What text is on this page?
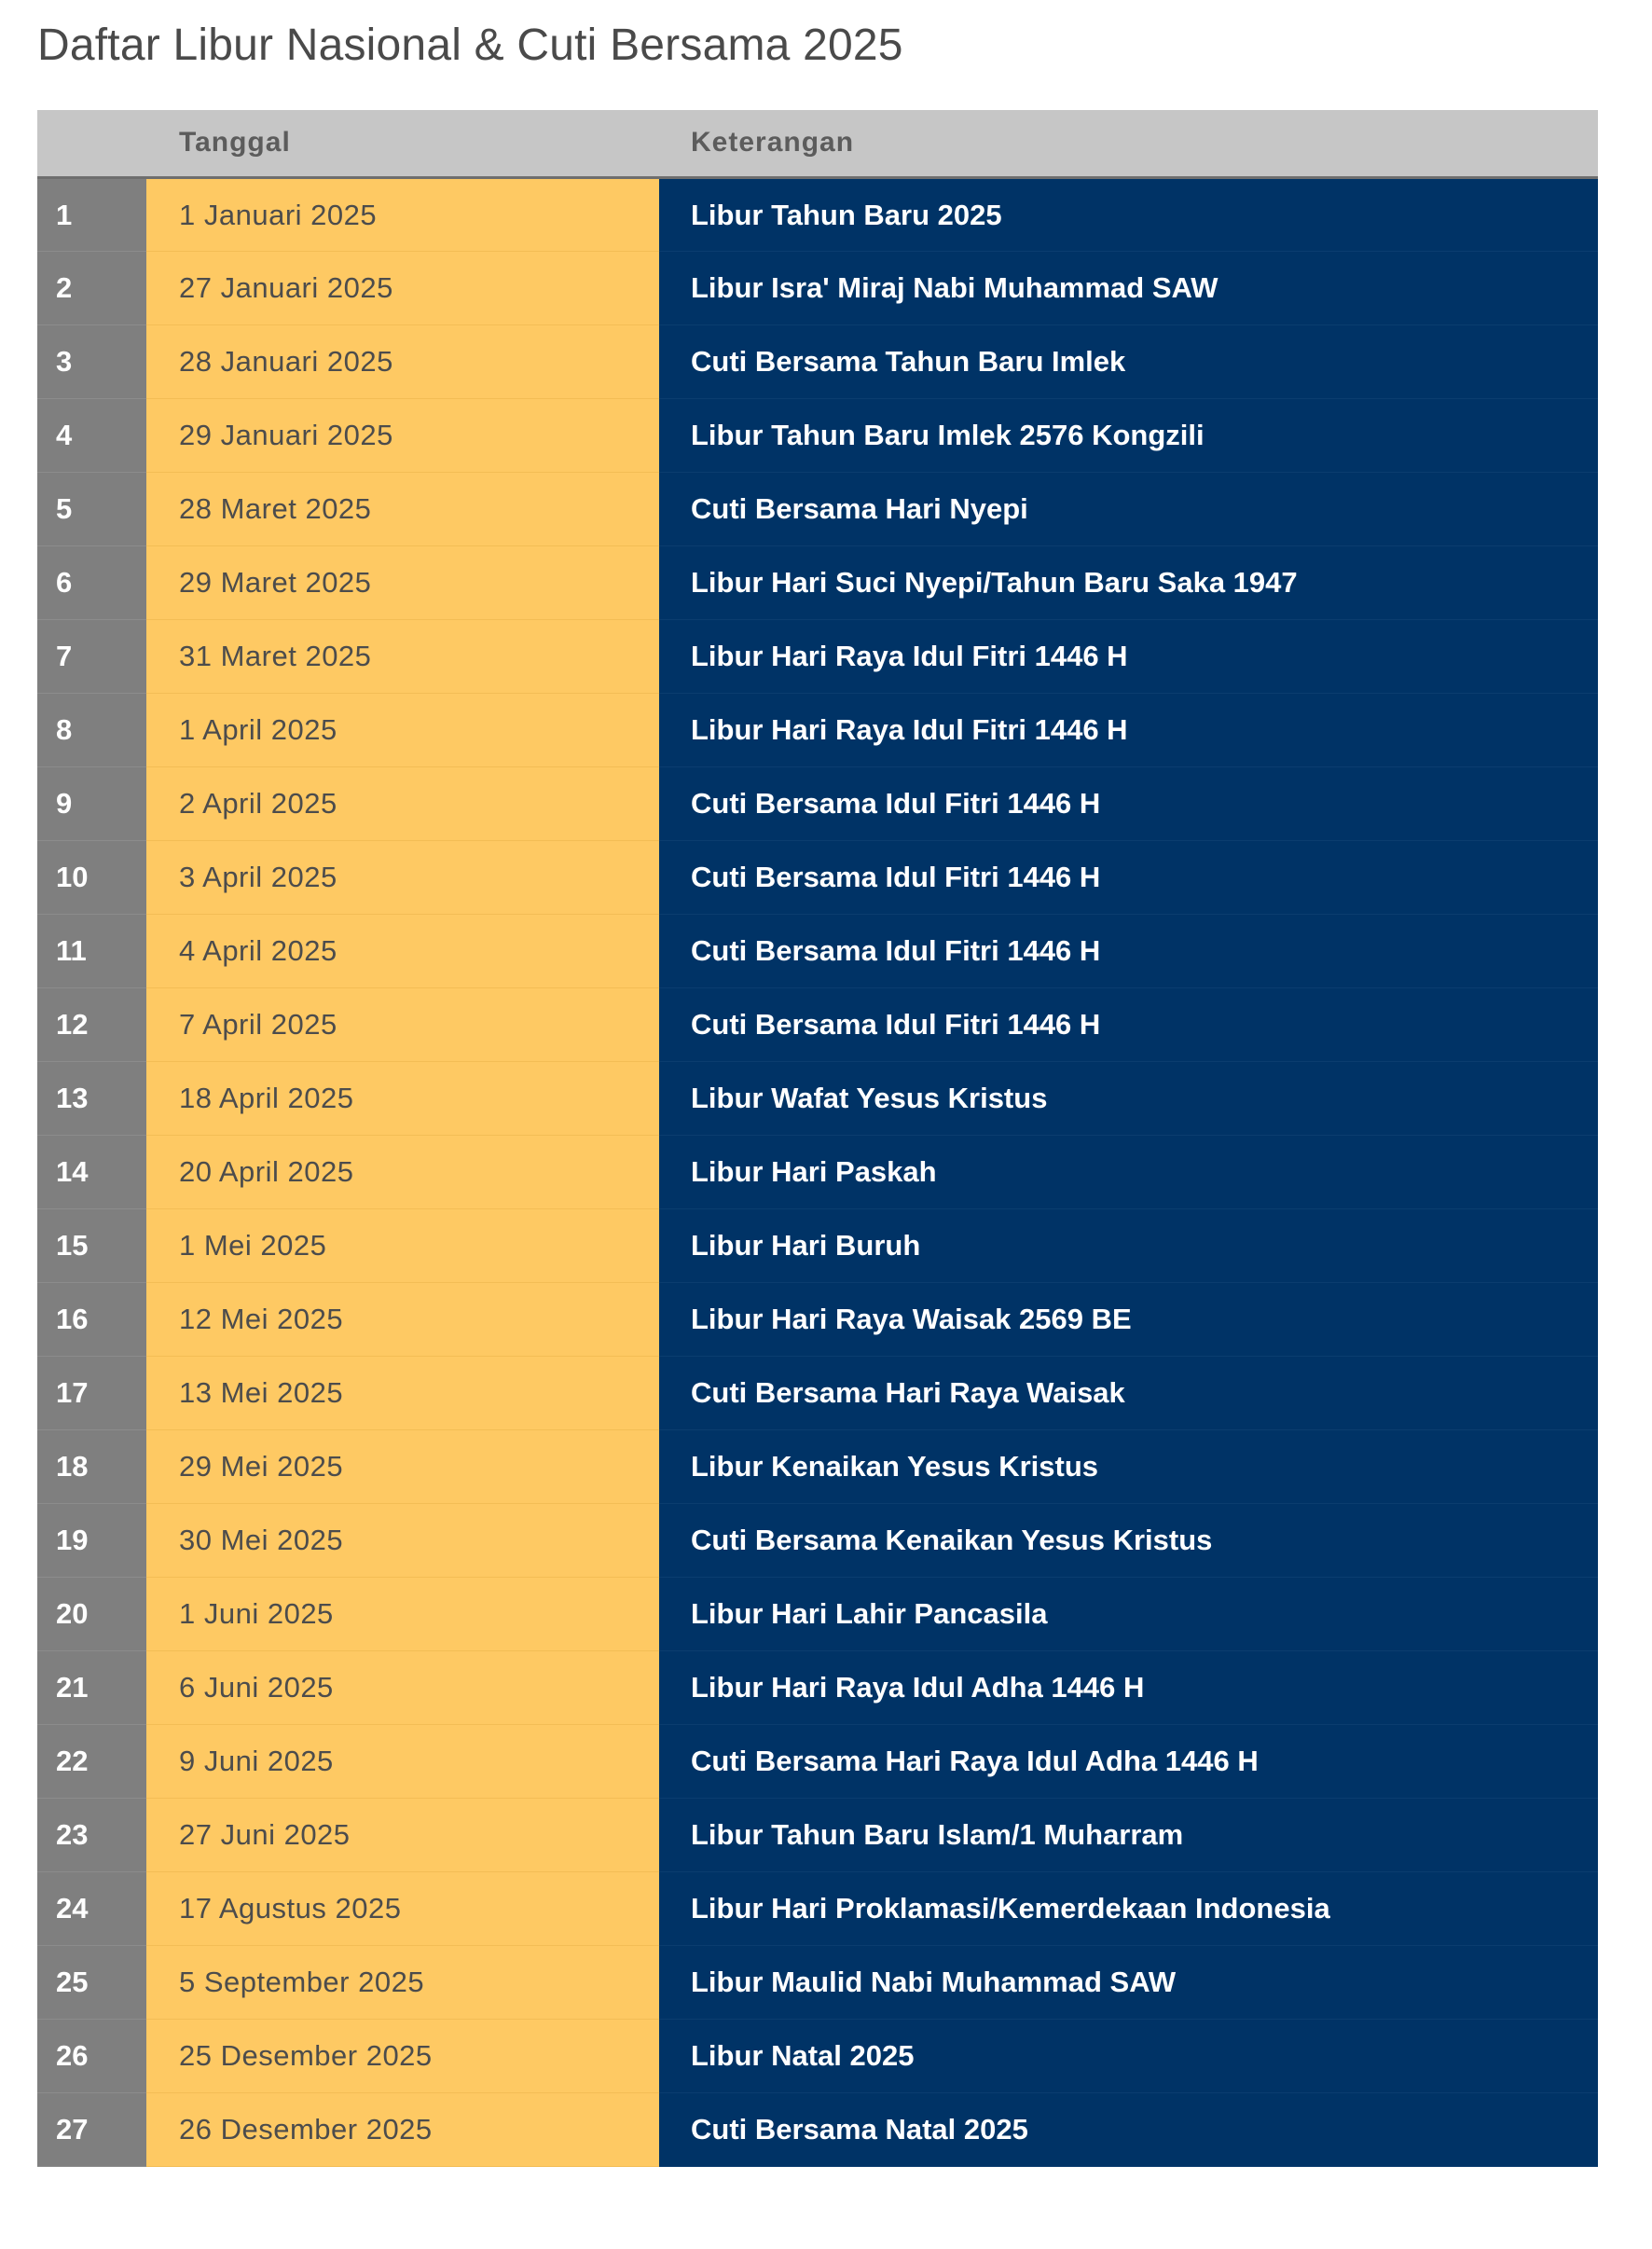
Daftar Libur Nasional & Cuti Bersama 2025
	Tanggal	Keterangan
1	1 Januari 2025	Libur Tahun Baru 2025
2	27 Januari 2025	Libur Isra' Miraj Nabi Muhammad SAW
3	28 Januari 2025	Cuti Bersama Tahun Baru Imlek
4	29 Januari 2025	Libur Tahun Baru Imlek 2576 Kongzili
5	28 Maret 2025	Cuti Bersama Hari Nyepi
6	29 Maret 2025	Libur Hari Suci Nyepi/Tahun Baru Saka 1947
7	31 Maret 2025	Libur Hari Raya Idul Fitri 1446 H
8	1 April 2025	Libur Hari Raya Idul Fitri 1446 H
9	2 April 2025	Cuti Bersama Idul Fitri 1446 H
10	3 April 2025	Cuti Bersama Idul Fitri 1446 H
11	4 April 2025	Cuti Bersama Idul Fitri 1446 H
12	7 April 2025	Cuti Bersama Idul Fitri 1446 H
13	18 April 2025	Libur Wafat Yesus Kristus
14	20 April 2025	Libur Hari Paskah
15	1 Mei 2025	Libur Hari Buruh
16	12 Mei 2025	Libur Hari Raya Waisak 2569 BE
17	13 Mei 2025	Cuti Bersama Hari Raya Waisak
18	29 Mei 2025	Libur Kenaikan Yesus Kristus
19	30 Mei 2025	Cuti Bersama Kenaikan Yesus Kristus
20	1 Juni 2025	Libur Hari Lahir Pancasila
21	6 Juni 2025	Libur Hari Raya Idul Adha 1446 H
22	9 Juni 2025	Cuti Bersama Hari Raya Idul Adha 1446 H
23	27 Juni 2025	Libur Tahun Baru Islam/1 Muharram
24	17 Agustus 2025	Libur Hari Proklamasi/Kemerdekaan Indonesia
25	5 September 2025	Libur Maulid Nabi Muhammad SAW
26	25 Desember 2025	Libur Natal 2025
27	26 Desember 2025	Cuti Bersama Natal 2025
